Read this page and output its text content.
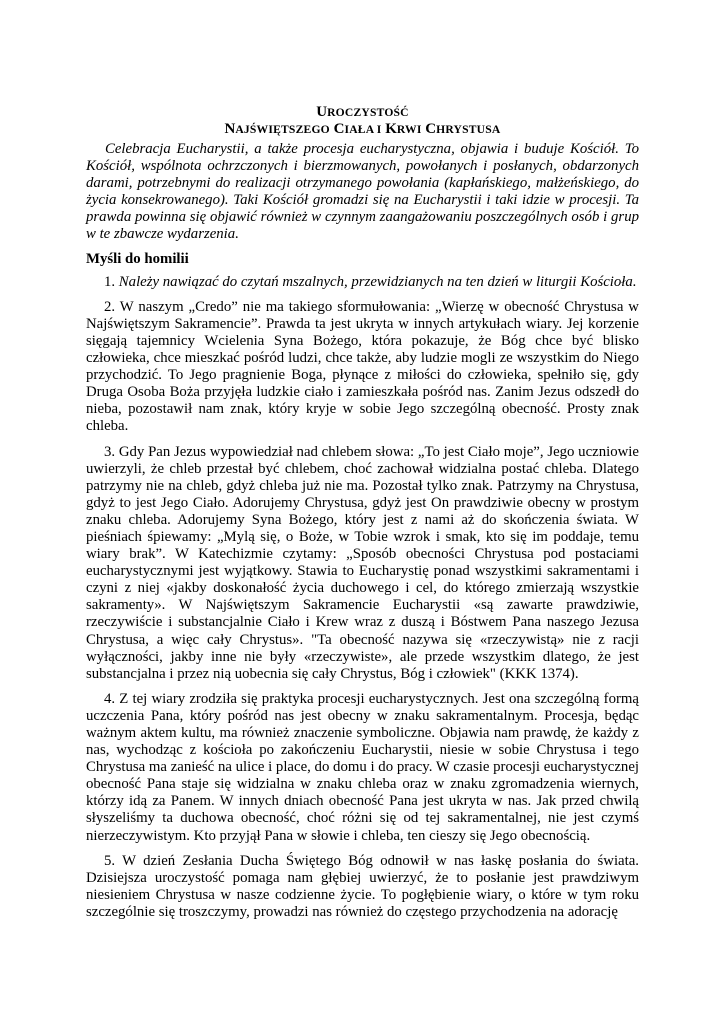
UROCZYSTOŚĆ
NAJŚWIĘTSZEGO CIAŁA I KRWI CHRYSTUSA

Celebracja Eucharystii, a także procesja eucharystyczna, objawia i buduje Kościół. To Kościół, wspólnota ochrzczonych i bierzmowanych, powołanych i posłanych, obdarzonych darami, potrzebnymi do realizacji otrzymanego powołania (kapłańskiego, małżeńskiego, do życia konsekrowanego). Taki Kościół gromadzi się na Eucharystii i taki idzie w procesji. Ta prawda powinna się objawić również w czynnym zaangażowaniu poszczególnych osób i grup w te zbawcze wydarzenia.

Myśli do homilii

1. Należy nawiązać do czytań mszalnych, przewidzianych na ten dzień w liturgii Kościoła.

2. W naszym „Credo” nie ma takiego sformułowania: „Wierzę w obecność Chrystusa w Najświętszym Sakramencie”. Prawda ta jest ukryta w innych artykułach wiary. Jej korzenie sięgają tajemnicy Wcielenia Syna Bożego, która pokazuje, że Bóg chce być blisko człowieka, chce mieszkać pośród ludzi, chce także, aby ludzie mogli ze wszystkim do Niego przychodzić. To Jego pragnienie Boga, płynące z miłości do człowieka, spełniło się, gdy Druga Osoba Boża przyjęła ludzkie ciało i zamieszkała pośród nas. Zanim Jezus odszedł do nieba, pozostawił nam znak, który kryje w sobie Jego szczególną obecność. Prosty znak chleba.

3. Gdy Pan Jezus wypowiedział nad chlebem słowa: „To jest Ciało moje”, Jego uczniowie uwierzyli, że chleb przestał być chlebem, choć zachował widzialna postać chleba. Dlatego patrzymy nie na chleb, gdyż chleba już nie ma. Pozostał tylko znak. Patrzymy na Chrystusa, gdyż to jest Jego Ciało. Adorujemy Chrystusa, gdyż jest On prawdziwie obecny w prostym znaku chleba. Adorujemy Syna Bożego, który jest z nami aż do skończenia świata. W pieśniach śpiewamy: „Mylą się, o Boże, w Tobie wzrok i smak, kto się im poddaje, temu wiary brak”. W Katechizmie czytamy: „Sposób obecności Chrystusa pod postaciami eucharystycznymi jest wyjątkowy. Stawia to Eucharystię ponad wszystkimi sakramentami i czyni z niej «jakby doskonałość życia duchowego i cel, do którego zmierzają wszystkie sakramenty». W Najświętszym Sakramencie Eucharystii «są zawarte prawdziwie, rzeczywiście i substancjalnie Ciało i Krew wraz z duszą i Bóstwem Pana naszego Jezusa Chrystusa, a więc cały Chrystus». "Ta obecność nazywa się «rzeczywistą» nie z racji wyłączności, jakby inne nie były «rzeczywiste», ale przede wszystkim dlatego, że jest substancjalna i przez nią uobecnia się cały Chrystus, Bóg i człowiek" (KKK 1374).

4. Z tej wiary zrodziła się praktyka procesji eucharystycznych. Jest ona szczególną formą uczczenia Pana, który pośród nas jest obecny w znaku sakramentalnym. Procesja, będąc ważnym aktem kultu, ma również znaczenie symboliczne. Objawia nam prawdę, że każdy z nas, wychodząc z kościoła po zakończeniu Eucharystii, niesie w sobie Chrystusa i tego Chrystusa ma zanieść na ulice i place, do domu i do pracy. W czasie procesji eucharystycznej obecność Pana staje się widzialna w znaku chleba oraz w znaku zgromadzenia wiernych, którzy idą za Panem. W innych dniach obecność Pana jest ukryta w nas. Jak przed chwilą słyszeliśmy ta duchowa obecność, choć różni się od tej sakramentalnej, nie jest czymś nierzeczywistym. Kto przyjął Pana w słowie i chleba, ten cieszy się Jego obecnością.

5. W dzień Zesłania Ducha Świętego Bóg odnowił w nas łaskę posłania do świata. Dzisiejsza uroczystość pomaga nam głębiej uwierzyć, że to posłanie jest prawdziwym niesieniem Chrystusa w nasze codzienne życie. To pogłębienie wiary, o które w tym roku szczególnie się troszczymy, prowadzi nas również do częstego przychodzenia na adorację
